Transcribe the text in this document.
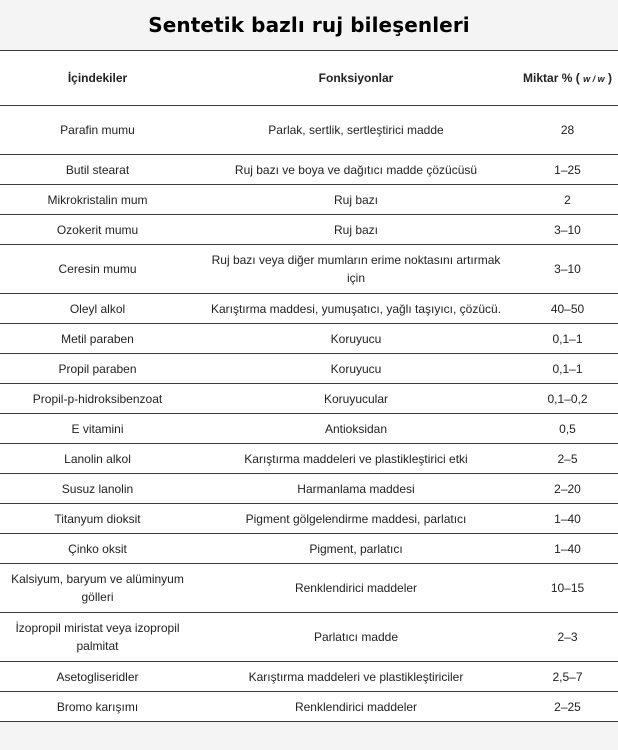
Sentetik bazlı ruj bileşenleri
İçindekiler	Fonksiyonlar	Miktar % ( w / w )
Parafin mumu	Parlak, sertlik, sertleştirici madde	28
Butil stearat	Ruj bazı ve boya ve dağıtıcı madde çözücüsü	1–25
Mikrokristalin mum	Ruj bazı	2
Ozokerit mumu	Ruj bazı	3–10
Ceresin mumu	Ruj bazı veya diğer mumların erime noktasını artırmak için	3–10
Oleyl alkol	Karıştırma maddesi, yumuşatıcı, yağlı taşıyıcı, çözücü.	40–50
Metil paraben	Koruyucu	0,1–1
Propil paraben	Koruyucu	0,1–1
Propil-p-hidroksibenzoat	Koruyucular	0,1–0,2
E vitamini	Antioksidan	0,5
Lanolin alkol	Karıştırma maddeleri ve plastikleştirici etki	2–5
Susuz lanolin	Harmanlama maddesi	2–20
Titanyum dioksit	Pigment gölgelendirme maddesi, parlatıcı	1–40
Çinko oksit	Pigment, parlatıcı	1–40
Kalsiyum, baryum ve alüminyum gölleri	Renklendirici maddeler	10–15
İzopropil miristat veya izopropil palmitat	Parlatıcı madde	2–3
Asetogliseridler	Karıştırma maddeleri ve plastikleştiriciler	2,5–7
Bromo karışımı	Renklendirici maddeler	2–25
